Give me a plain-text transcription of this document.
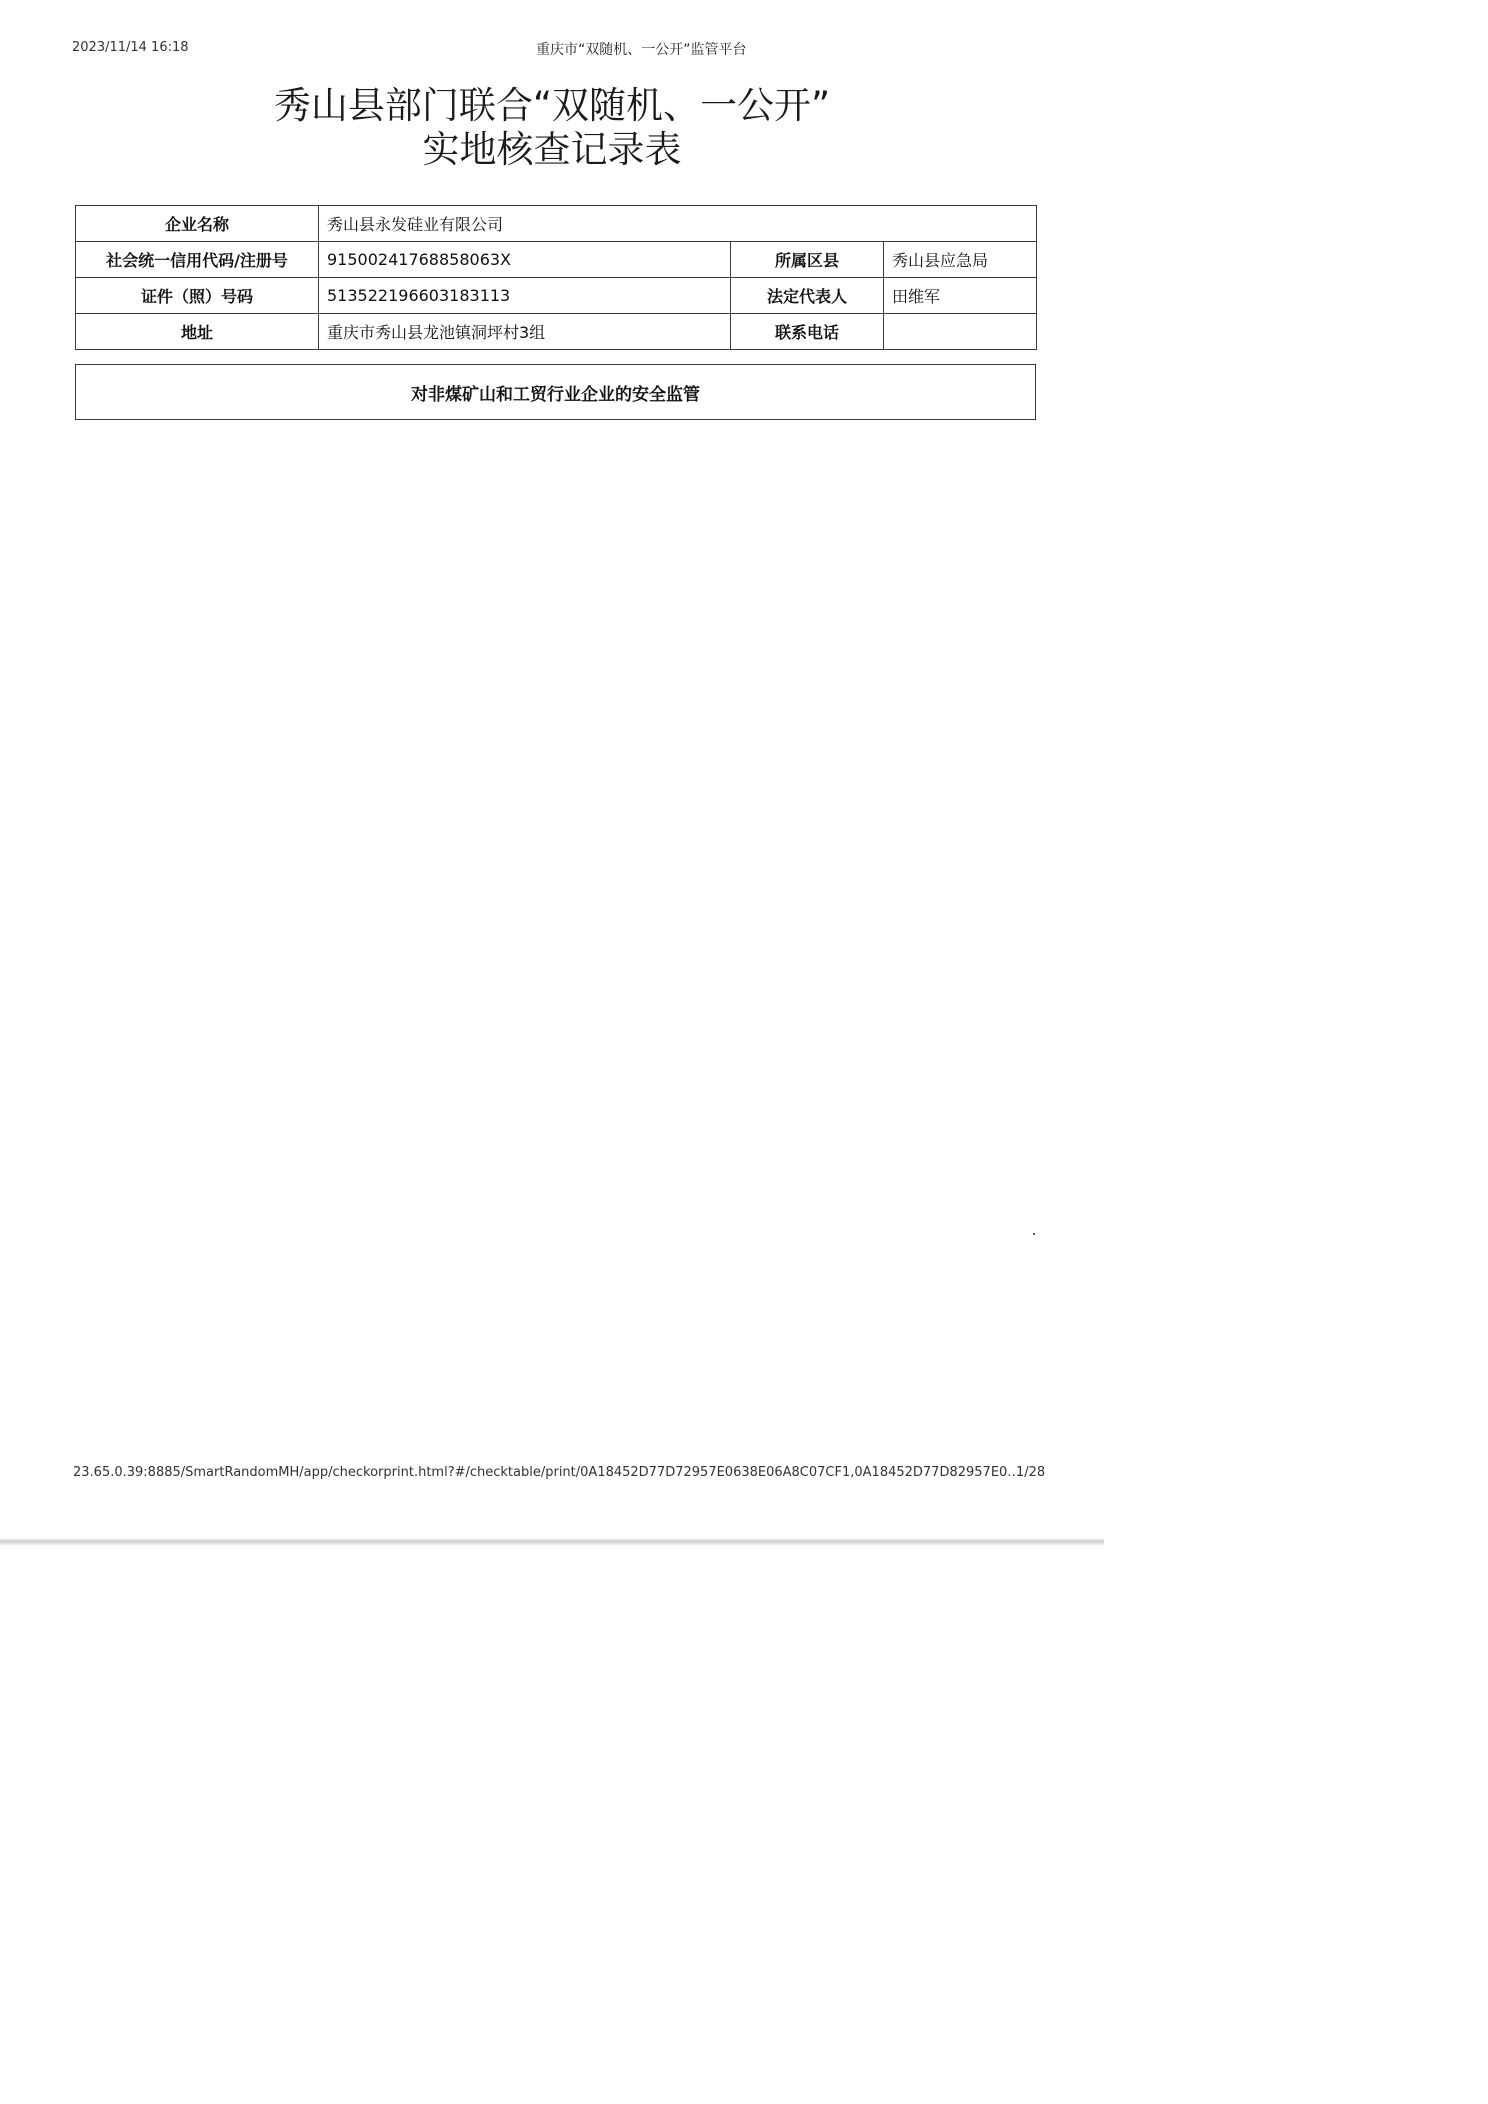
2023/11/14 16:18	重庆市“双随机、一公开”监管平台
秀山县部门联合“双随机、一公开”
实地核查记录表
企业名称	秀山县永发硅业有限公司		
社会统一信用代码/注册号	91500241768858063X	所属区县	秀山县应急局
证件（照）号码	513522196603183113	法定代表人	田维军
地址	重庆市秀山县龙池镇洞坪村3组	联系电话	
对非煤矿山和工贸行业企业的安全监管
23.65.0.39:8885/SmartRandomMH/app/checkorprint.html?#/checktable/print/0A18452D77D72957E0638E06A8C07CF1,0A18452D77D82957E0…
1/28
